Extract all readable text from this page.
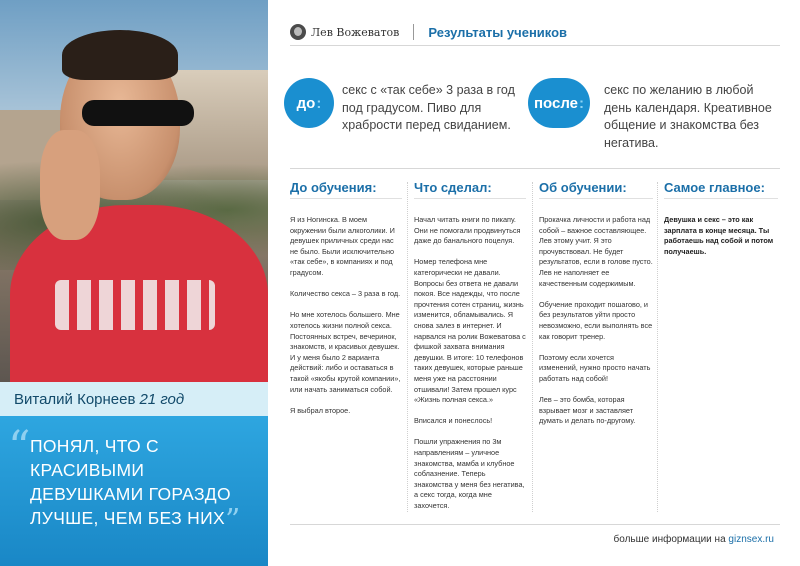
Виталий Корнеев 21 год
“ ПОНЯЛ, ЧТО С КРАСИВЫМИ ДЕВУШКАМИ ГОРАЗДО ЛУЧШЕ, ЧЕМ БЕЗ НИХ”
Лев Вожеватов Результаты учеников
до :
секс с «так себе» 3 раза в год под градусом. Пиво для храбрости перед свиданием.
после :
секс по желанию в любой день календаря. Креативное общение и знакомства без негатива.
До обучения:

Я из Ногинска. В моем окружении были алкоголики. И девушек приличных среди нас не было. Были исключительно «так себе», в компаниях и под градусом.

Количество секса – 3 раза в год.

Но мне хотелось большего. Мне хотелось жизни полной секса. Постоянных встреч, вечеринок, знакомств, и красивых девушек. И у меня было 2 варианта действий: либо и оставаться в такой «якобы крутой компании», или начать заниматься собой.

Я выбрал второе.

Что сделал:

Начал читать книги по пикапу. Они не помогали продвинуться даже до банального поцелуя.

Номер телефона мне категорически не давали. Вопросы без ответа не давали покоя. Все надежды, что после прочтения сотен страниц, жизнь изменится, обламывались. Я снова залез в интернет. И нарвался на ролик Вожеватова с фишкой захвата внимания девушки. В итоге: 10 телефонов таких девушек, которые раньше меня уже на расстоянии отшивали! Затем прошел курс «Жизнь полная секса.»

Вписался и понеслось!

Пошли упражнения по 3м направлениям – уличное знакомства, мамба и клубное соблазнение. Теперь знакомства у меня без негатива, а секс тогда, когда мне захочется.

Об обучении:

Прокачка личности и работа над собой – важное составляющее. Лев этому учит. Я это прочувствовал. Не будет результатов, если в голове пусто. Лев не наполняет ее качественным содержимым.

Обучение проходит пошагово, и без результатов уйти просто невозможно, если выполнять все как говорит тренер.

Поэтому если хочется изменений, нужно просто начать работать над собой!

Лев – это бомба, которая взрывает мозг и заставляет думать и делать по-другому.

Самое главное:

Девушка и секс – это как зарплата в конце месяца. Ты работаешь над собой и потом получаешь.

больше информации на giznsex.ru
